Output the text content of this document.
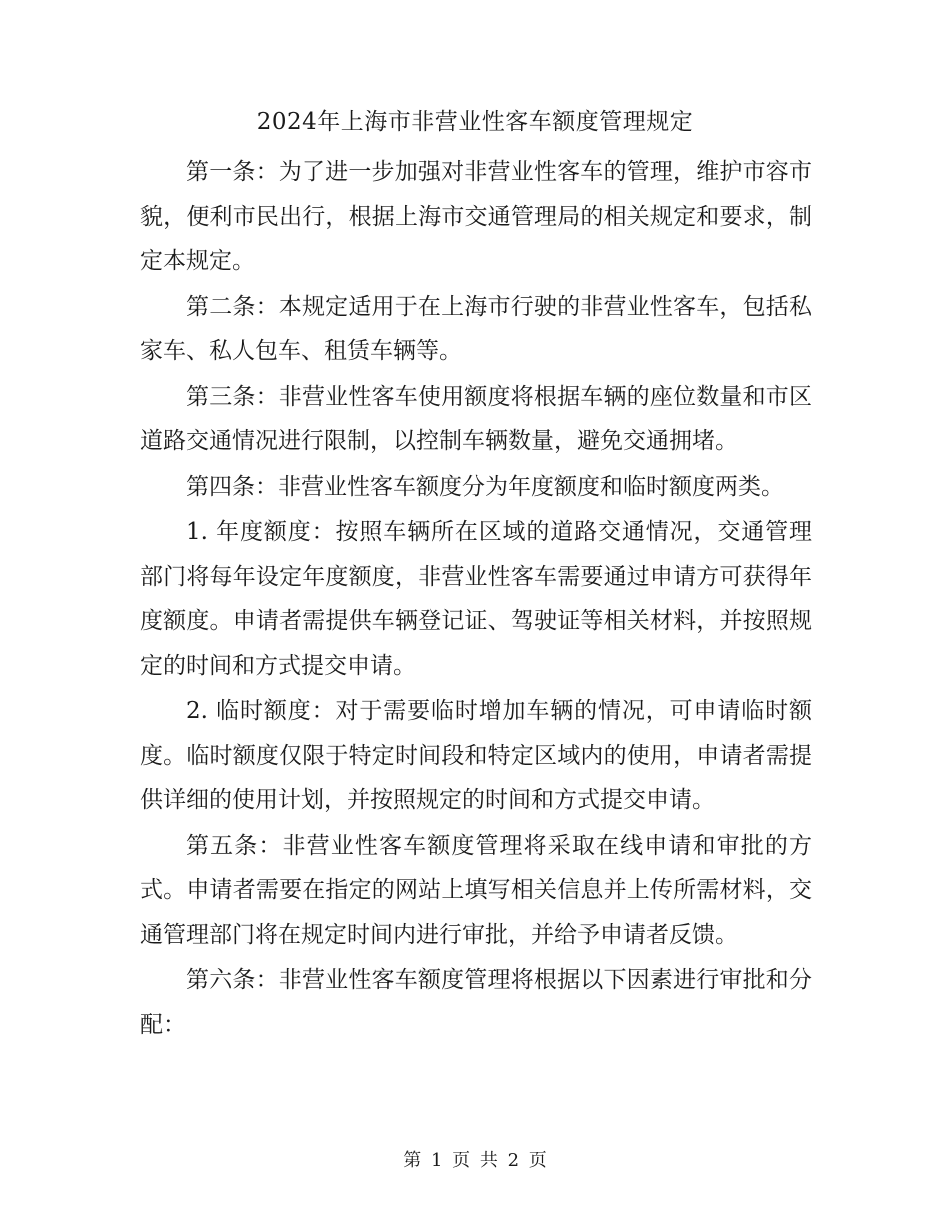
2024年上海市非营业性客车额度管理规定

第一条：为了进一步加强对非营业性客车的管理，维护市容市貌，便利市民出行，根据上海市交通管理局的相关规定和要求，制定本规定。

第二条：本规定适用于在上海市行驶的非营业性客车，包括私家车、私人包车、租赁车辆等。

第三条：非营业性客车使用额度将根据车辆的座位数量和市区道路交通情况进行限制，以控制车辆数量，避免交通拥堵。

第四条：非营业性客车额度分为年度额度和临时额度两类。

1. 年度额度：按照车辆所在区域的道路交通情况，交通管理部门将每年设定年度额度，非营业性客车需要通过申请方可获得年度额度。申请者需提供车辆登记证、驾驶证等相关材料，并按照规定的时间和方式提交申请。

2. 临时额度：对于需要临时增加车辆的情况，可申请临时额度。临时额度仅限于特定时间段和特定区域内的使用，申请者需提供详细的使用计划，并按照规定的时间和方式提交申请。

第五条：非营业性客车额度管理将采取在线申请和审批的方式。申请者需要在指定的网站上填写相关信息并上传所需材料，交通管理部门将在规定时间内进行审批，并给予申请者反馈。

第六条：非营业性客车额度管理将根据以下因素进行审批和分配：

第 1 页 共 2 页
